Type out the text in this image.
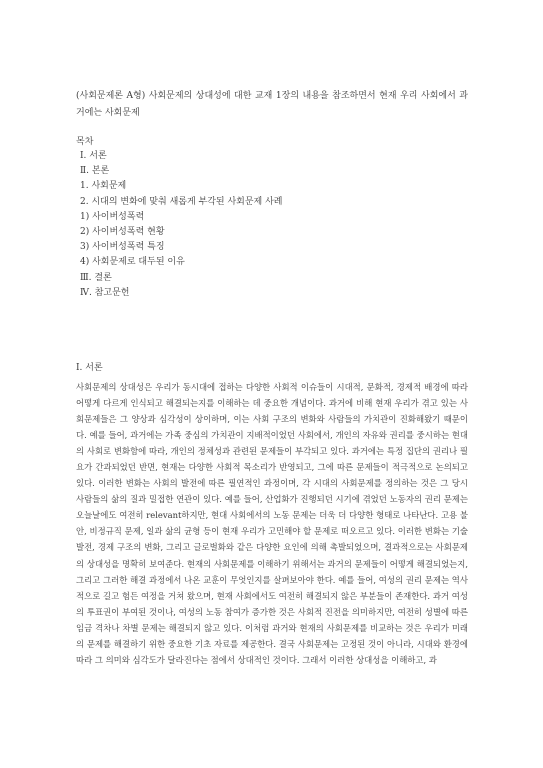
(사회문제론 A형) 사회문제의 상대성에 대한 교재 1장의 내용을 참조하면서 현재 우리 사회에서 과거에는 사회문제
목차
Ⅰ. 서론
Ⅱ. 본론
1. 사회문제
2. 시대의 변화에 맞춰 새롭게 부각된 사회문제 사례
1) 사이버성폭력
2) 사이버성폭력 현황
3) 사이버성폭력 특징
4) 사회문제로 대두된 이유
Ⅲ. 결론
Ⅳ. 참고문헌
Ⅰ. 서론

사회문제의 상대성은 우리가 동시대에 접하는 다양한 사회적 이슈들이 시대적, 문화적, 경제적 배경에 따라 어떻게 다르게 인식되고 해결되는지를 이해하는 데 중요한 개념이다. 과거에 비해 현재 우리가 겪고 있는 사회문제들은 그 양상과 심각성이 상이하며, 이는 사회 구조의 변화와 사람들의 가치관이 진화해왔기 때문이다. 예를 들어, 과거에는 가족 중심의 가치관이 지배적이었던 사회에서, 개인의 자유와 권리를 중시하는 현대의 사회로 변화함에 따라, 개인의 정체성과 관련된 문제들이 부각되고 있다. 과거에는 특정 집단의 권리나 필요가 간과되었던 반면, 현재는 다양한 사회적 목소리가 반영되고, 그에 따른 문제들이 적극적으로 논의되고 있다. 이러한 변화는 사회의 발전에 따른 필연적인 과정이며, 각 시대의 사회문제를 정의하는 것은 그 당시 사람들의 삶의 질과 밀접한 연관이 있다. 예를 들어, 산업화가 진행되던 시기에 겪었던 노동자의 권리 문제는 오늘날에도 여전히 relevant하지만, 현대 사회에서의 노동 문제는 더욱 더 다양한 형태로 나타난다. 고용 불안, 비정규직 문제, 일과 삶의 균형 등이 현재 우리가 고민해야 할 문제로 떠오르고 있다. 이러한 변화는 기술 발전, 경제 구조의 변화, 그리고 글로벌화와 같은 다양한 요인에 의해 촉발되었으며, 결과적으로는 사회문제의 상대성을 명확히 보여준다. 현재의 사회문제를 이해하기 위해서는 과거의 문제들이 어떻게 해결되었는지, 그리고 그러한 해결 과정에서 나온 교훈이 무엇인지를 살펴보아야 한다. 예를 들어, 여성의 권리 문제는 역사적으로 길고 험든 여정을 거쳐 왔으며, 현재 사회에서도 여전히 해결되지 않은 부분들이 존재한다. 과거 여성의 투표권이 부여된 것이나, 여성의 노동 참여가 증가한 것은 사회적 진전을 의미하지만, 여전히 성별에 따른 임금 격차나 차별 문제는 해결되지 않고 있다. 이처럼 과거와 현재의 사회문제를 비교하는 것은 우리가 미래의 문제를 해결하기 위한 중요한 기초 자료를 제공한다. 결국 사회문제는 고정된 것이 아니라, 시대와 환경에 따라 그 의미와 심각도가 달라진다는 점에서 상대적인 것이다. 그래서 이러한 상대성을 이해하고, 과
